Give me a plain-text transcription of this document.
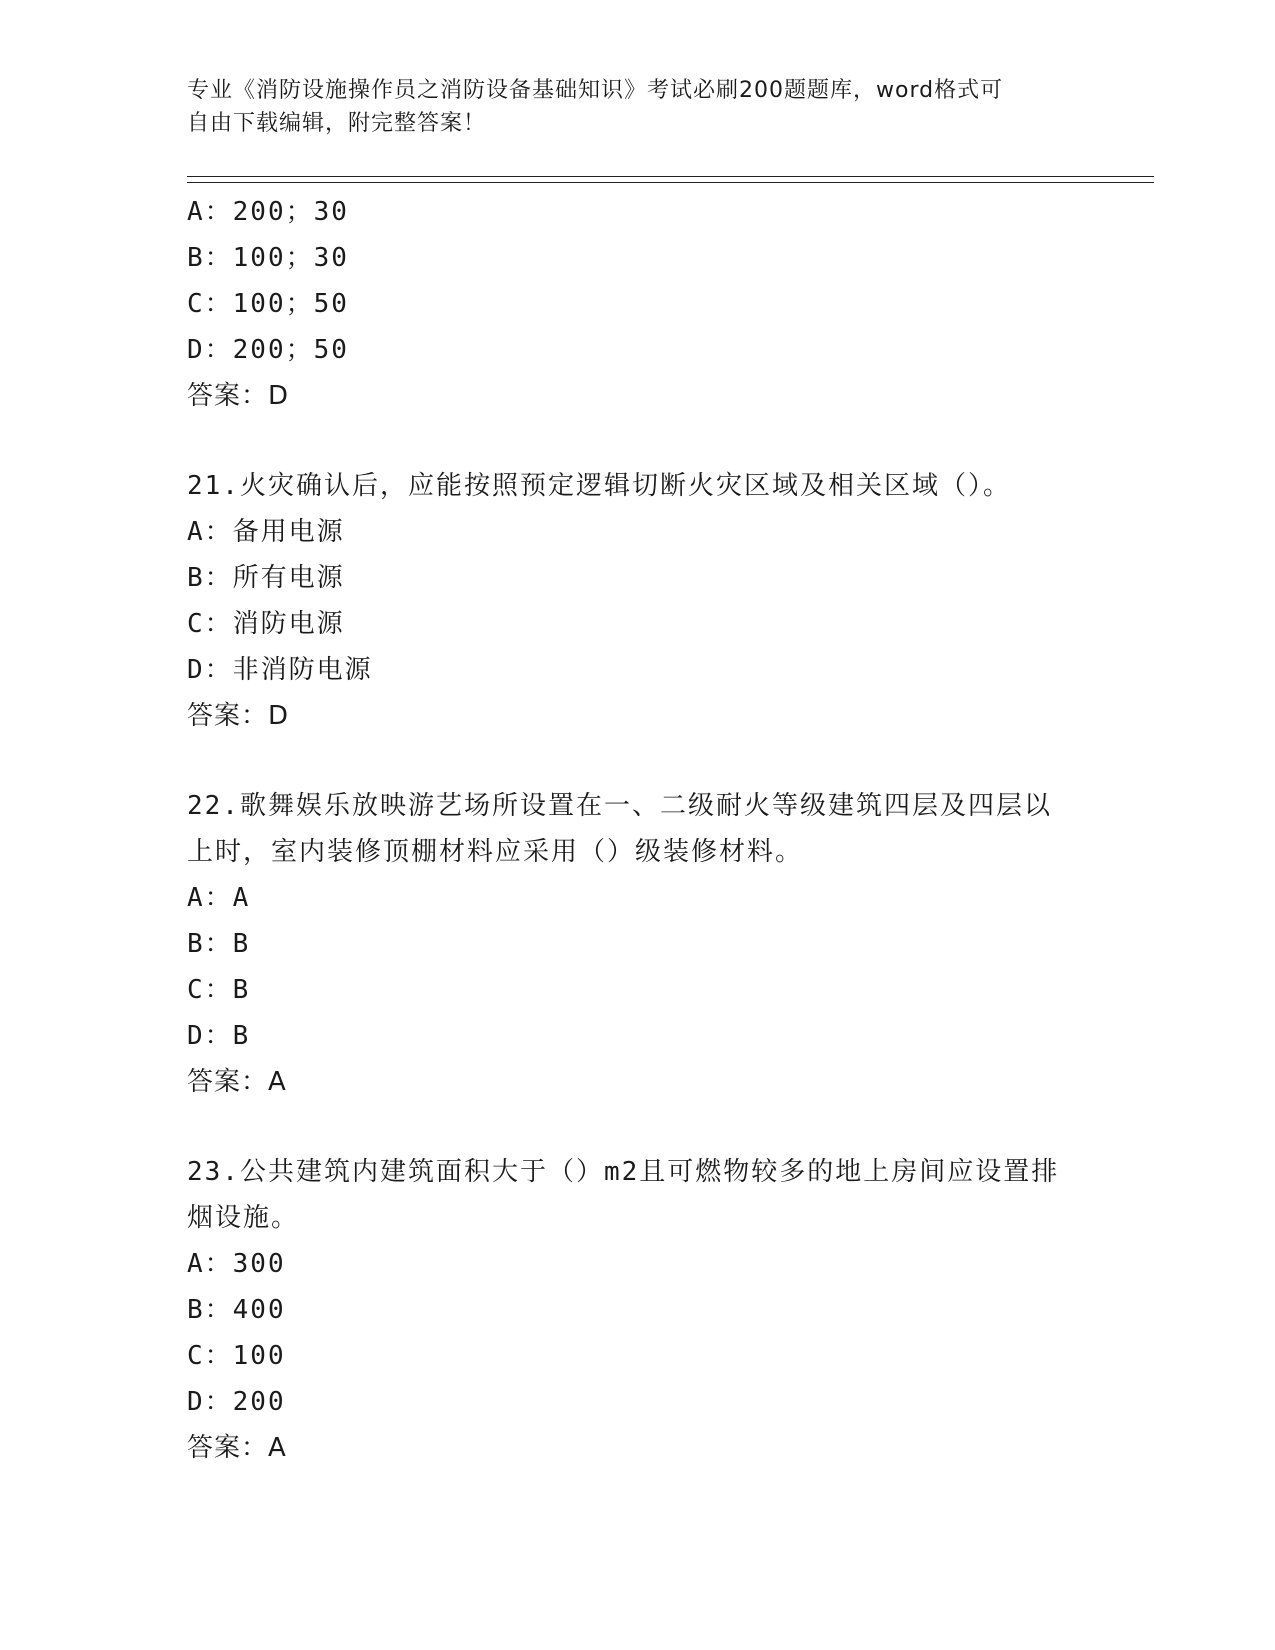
专业《消防设施操作员之消防设备基础知识》考试必刷200题题库，word格式可
自由下载编辑，附完整答案！
A：200；30
B：100；30
C：100；50
D：200；50
答案：D
21.火灾确认后，应能按照预定逻辑切断火灾区域及相关区域（）。
A：备用电源
B：所有电源
C：消防电源
D：非消防电源
答案：D
22.歌舞娱乐放映游艺场所设置在一、二级耐火等级建筑四层及四层以
上时，室内装修顶棚材料应采用（）级装修材料。
A：A
B：B
C：B
D：B
答案：A
23.公共建筑内建筑面积大于（）m2且可燃物较多的地上房间应设置排
烟设施。
A：300
B：400
C：100
D：200
答案：A
